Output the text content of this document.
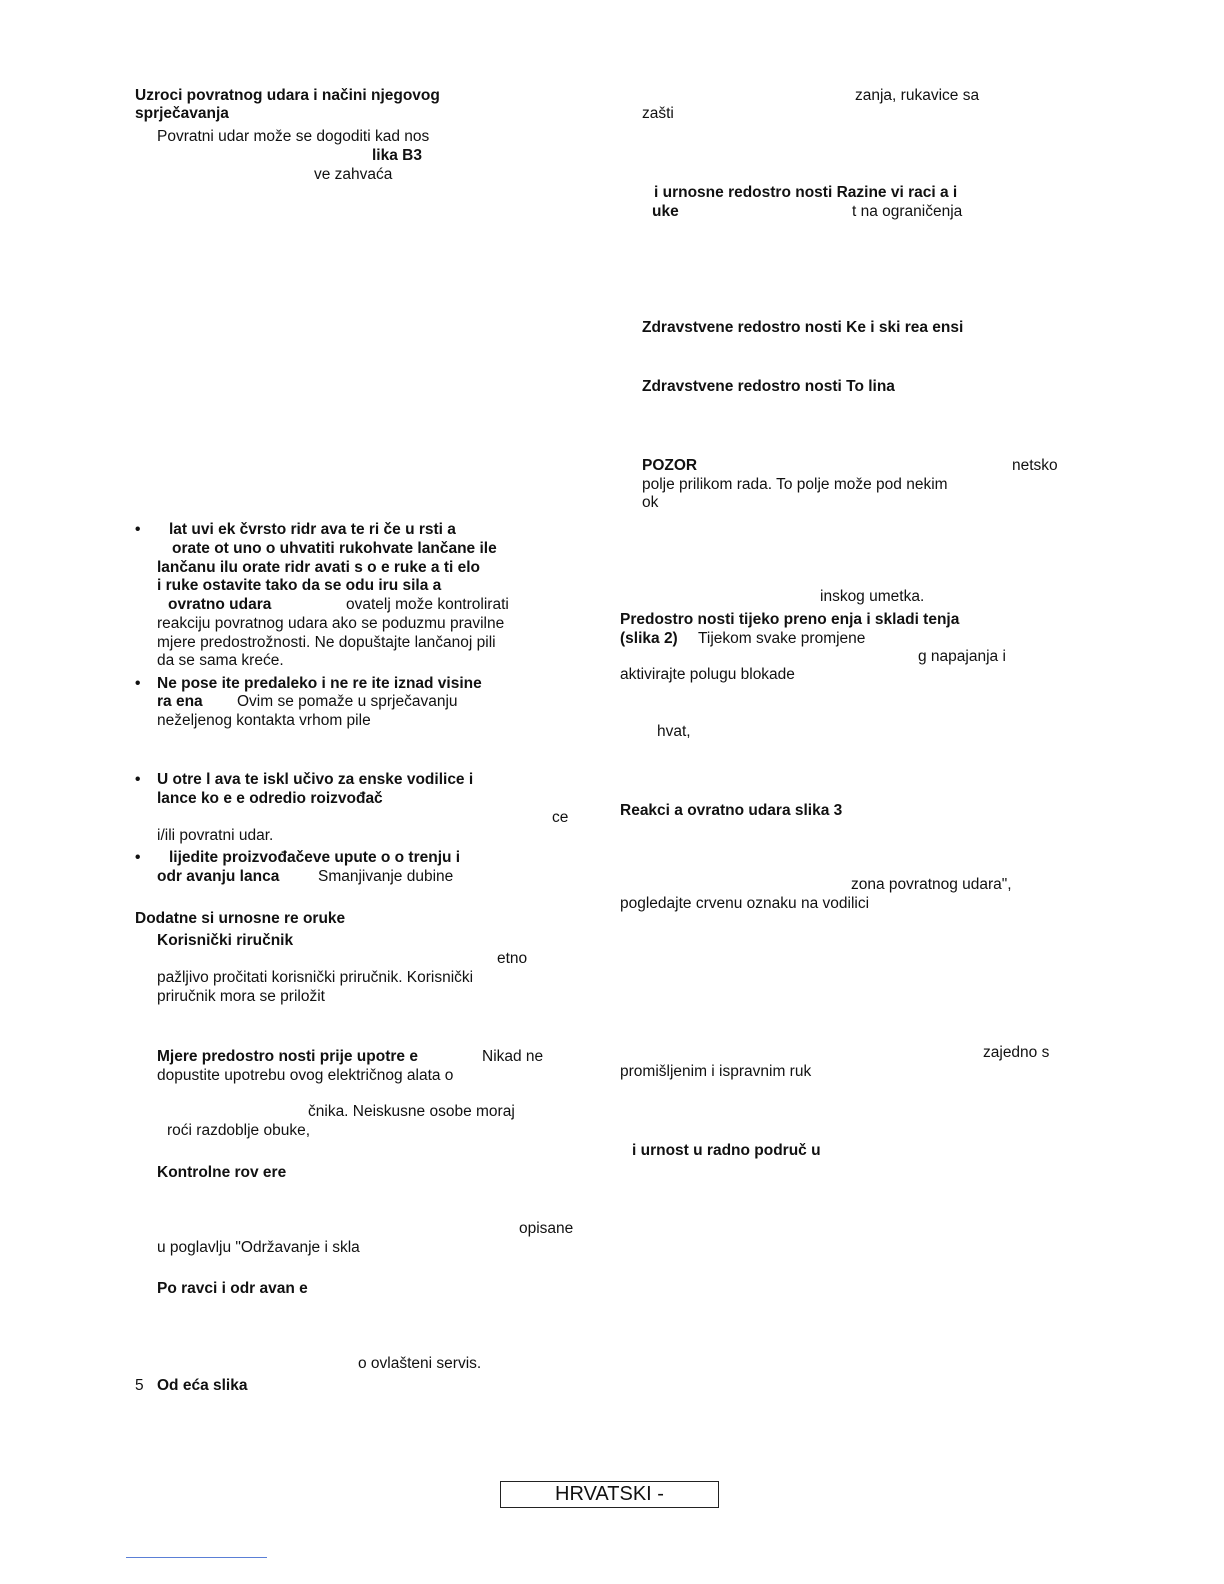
Uzroci povratnog udara i načini njegovog
sprječavanja
Povratni udar može se dogoditi kad nos
lika B3
ve zahvaća
• lat uvi ek čvrsto ridr ava te ri če u rsti a
orate ot uno o uhvatiti rukohvate lančane ile
lančanu ilu orate ridr avati s o e ruke a ti elo
i ruke ostavite tako da se odu iru sila a
ovratno udara	ovatelj može kontrolirati
reakciju povratnog udara ako se poduzmu pravilne
mjere predostrožnosti. Ne dopuštajte lančanoj pili
da se sama kreće.
• Ne pose ite predaleko i ne re ite iznad visine
ra ena Ovim se pomaže u sprječavanju
neželjenog kontakta vrhom pile
• U otre l ava te iskl učivo za enske vodilice i
lance ko e e odredio roizvođač
ce
i/ili povratni udar.
• lijedite proizvođačeve upute o o trenju i
odr avanju lanca Smanjivanje dubine
Dodatne si urnosne re oruke
Korisnički riručnik
etno
pažljivo pročitati korisnički priručnik. Korisnički
priručnik mora se priložit
Mjere predostro nosti prije upotre e	Nikad ne
dopustite upotrebu ovog električnog alata o
čnika. Neiskusne osobe moraj
roći razdoblje obuke,
Kontrolne rov ere
opisane
u poglavlju "Održavanje i skla
Po ravci i odr avan e
o ovlašteni servis.
5 Od eća slika
zanja, rukavice sa
zašti
i urnosne redostro nosti Razine vi raci a i
uke	t na ograničenja
Zdravstvene redostro nosti Ke i ski rea ensi
Zdravstvene redostro nosti To lina
POZOR	netsko
polje prilikom rada. To polje može pod nekim
ok
inskog umetka.
Predostro nosti tijeko preno enja i skladi tenja
(slika 2) Tijekom svake promjene
g napajanja i
aktivirajte polugu blokade
hvat,
Reakci a ovratno udara slika 3
zona povratnog udara",
pogledajte crvenu oznaku na vodilici
zajedno s
promišljenim i ispravnim ruk
i urnost u radno područ u
HRVATSKI -
